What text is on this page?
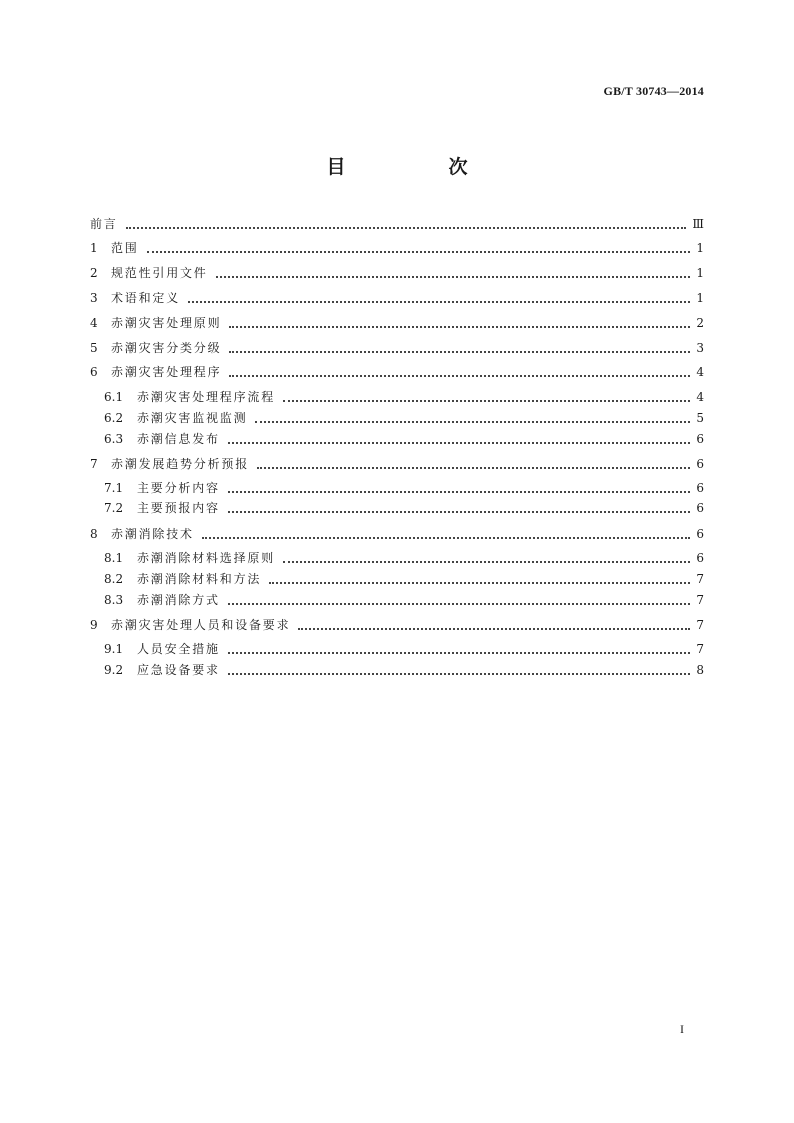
GB/T 30743—2014
目　次
前言	Ⅲ
1	范围	1
2	规范性引用文件	1
3	术语和定义	1
4	赤潮灾害处理原则	2
5	赤潮灾害分类分级	3
6	赤潮灾害处理程序	4
6.1	赤潮灾害处理程序流程	4
6.2	赤潮灾害监视监测	5
6.3	赤潮信息发布	6
7	赤潮发展趋势分析预报	6
7.1	主要分析内容	6
7.2	主要预报内容	6
8	赤潮消除技术	6
8.1	赤潮消除材料选择原则	6
8.2	赤潮消除材料和方法	7
8.3	赤潮消除方式	7
9	赤潮灾害处理人员和设备要求	7
9.1	人员安全措施	7
9.2	应急设备要求	8
I
